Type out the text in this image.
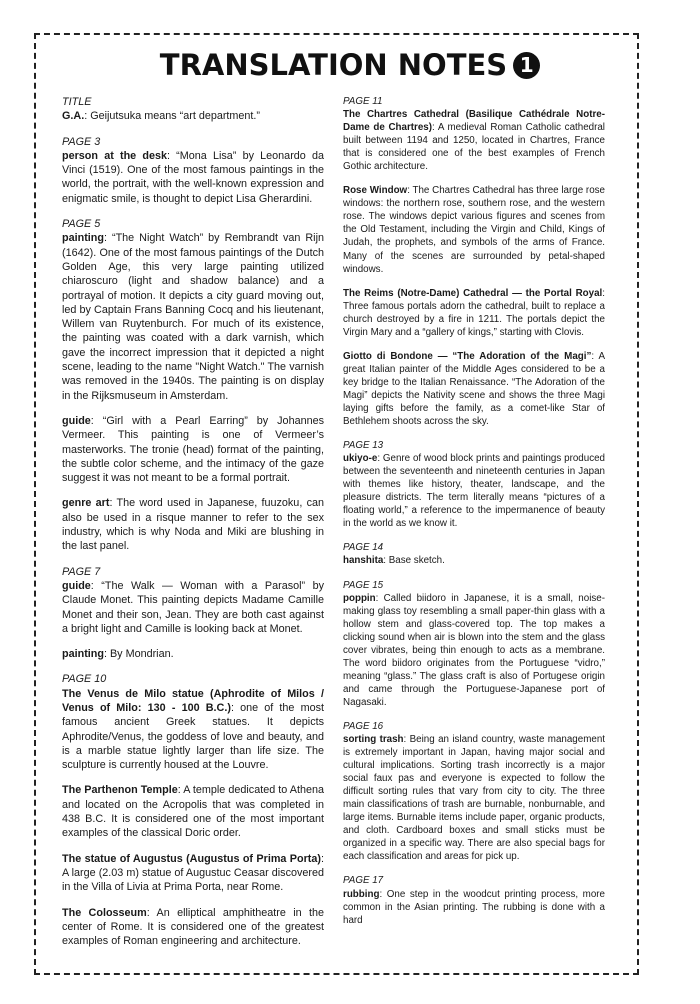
TRANSLATION NOTES 1
TITLE

G.A.: Geijutsuka means “art department.”

PAGE 3

person at the desk: “Mona Lisa” by Leonardo da Vinci (1519). One of the most famous paintings in the world, the portrait, with the well-known expression and enigmatic smile, is thought to depict Lisa Gherardini.

PAGE 5

painting: “The Night Watch” by Rembrandt van Rijn (1642). One of the most famous paintings of the Dutch Golden Age, this very large painting utilized chiaroscuro (light and shadow balance) and a portrayal of motion. It depicts a city guard moving out, led by Captain Frans Banning Cocq and his lieutenant, Willem van Ruytenburch. For much of its existence, the painting was coated with a dark varnish, which gave the incorrect impression that it depicted a night scene, leading to the name "Night Watch." The varnish was removed in the 1940s. The painting is on display in the Rijksmuseum in Amsterdam.

guide: “Girl with a Pearl Earring” by Johannes Vermeer. This painting is one of Vermeer’s masterworks. The tronie (head) format of the painting, the subtle color scheme, and the intimacy of the gaze suggest it was not meant to be a formal portrait.

genre art: The word used in Japanese, fuuzoku, can also be used in a risque manner to refer to the sex industry, which is why Noda and Miki are blushing in the last panel.

PAGE 7

guide: “The Walk — Woman with a Parasol” by Claude Monet. This painting depicts Madame Camille Monet and their son, Jean. They are both cast against a bright light and Camille is looking back at Monet.

painting: By Mondrian.

PAGE 10

The Venus de Milo statue (Aphrodite of Milos / Venus of Milo: 130 - 100 B.C.): one of the most famous ancient Greek statues. It depicts Aphrodite/Venus, the goddess of love and beauty, and is a marble statue lightly larger than life size. The sculpture is currently housed at the Louvre.

The Parthenon Temple: A temple dedicated to Athena and located on the Acropolis that was completed in 438 B.C. It is considered one of the most important examples of the classical Doric order.

The statue of Augustus (Augustus of Prima Porta): A large (2.03 m) statue of Augustuc Ceasar discovered in the Villa of Livia at Prima Porta, near Rome.

The Colosseum: An elliptical amphitheatre in the center of Rome. It is considered one of the greatest examples of Roman engineering and architecture.

PAGE 11

The Chartres Cathedral (Basilique Cathédrale Notre-Dame de Chartres): A medieval Roman Catholic cathedral built between 1194 and 1250, located in Chartres, France that is considered one of the best examples of French Gothic architecture.

Rose Window: The Chartres Cathedral has three large rose windows: the northern rose, southern rose, and the western rose. The windows depict various figures and scenes from the Old Testament, including the Virgin and Child, Kings of Judah, the prophets, and symbols of the arms of France. Many of the scenes are surrounded by petal-shaped windows.

The Reims (Notre-Dame) Cathedral — the Portal Royal: Three famous portals adorn the cathedral, built to replace a church destroyed by a fire in 1211. The portals depict the Virgin Mary and a “gallery of kings,” starting with Clovis.

Giotto di Bondone — “The Adoration of the Magi”: A great Italian painter of the Middle Ages considered to be a key bridge to the Italian Renaissance. “The Adoration of the Magi” depicts the Nativity scene and shows the three Magi laying gifts before the family, as a comet-like Star of Bethlehem shoots across the sky.

PAGE 13

ukiyo-e: Genre of wood block prints and paintings produced between the seventeenth and nineteenth centuries in Japan with themes like history, theater, landscape, and the pleasure districts. The term literally means “pictures of a floating world,” a reference to the impermanence of beauty in the world as we know it.

PAGE 14

hanshita: Base sketch.

PAGE 15

poppin: Called biidoro in Japanese, it is a small, noise-making glass toy resembling a small paper-thin glass with a hollow stem and glass-covered top. The top makes a clicking sound when air is blown into the stem and the glass cover vibrates, being thin enough to acts as a membrane. The word biidoro originates from the Portuguese “vidro,” meaning “glass.” The glass craft is also of Portugese origin and came through the Portuguese-Japanese port of Nagasaki.

PAGE 16

sorting trash: Being an island country, waste management is extremely important in Japan, having major social and cultural implications. Sorting trash incorrectly is a major social faux pas and everyone is expected to follow the difficult sorting rules that vary from city to city. The three main classifications of trash are burnable, nonburnable, and large items. Burnable items include paper, organic products, and cloth. Cardboard boxes and small sticks must be organized in a specific way. There are also special bags for each classification and areas for pick up.

PAGE 17

rubbing: One step in the woodcut printing process, more common in the Asian printing. The rubbing is done with a hard
